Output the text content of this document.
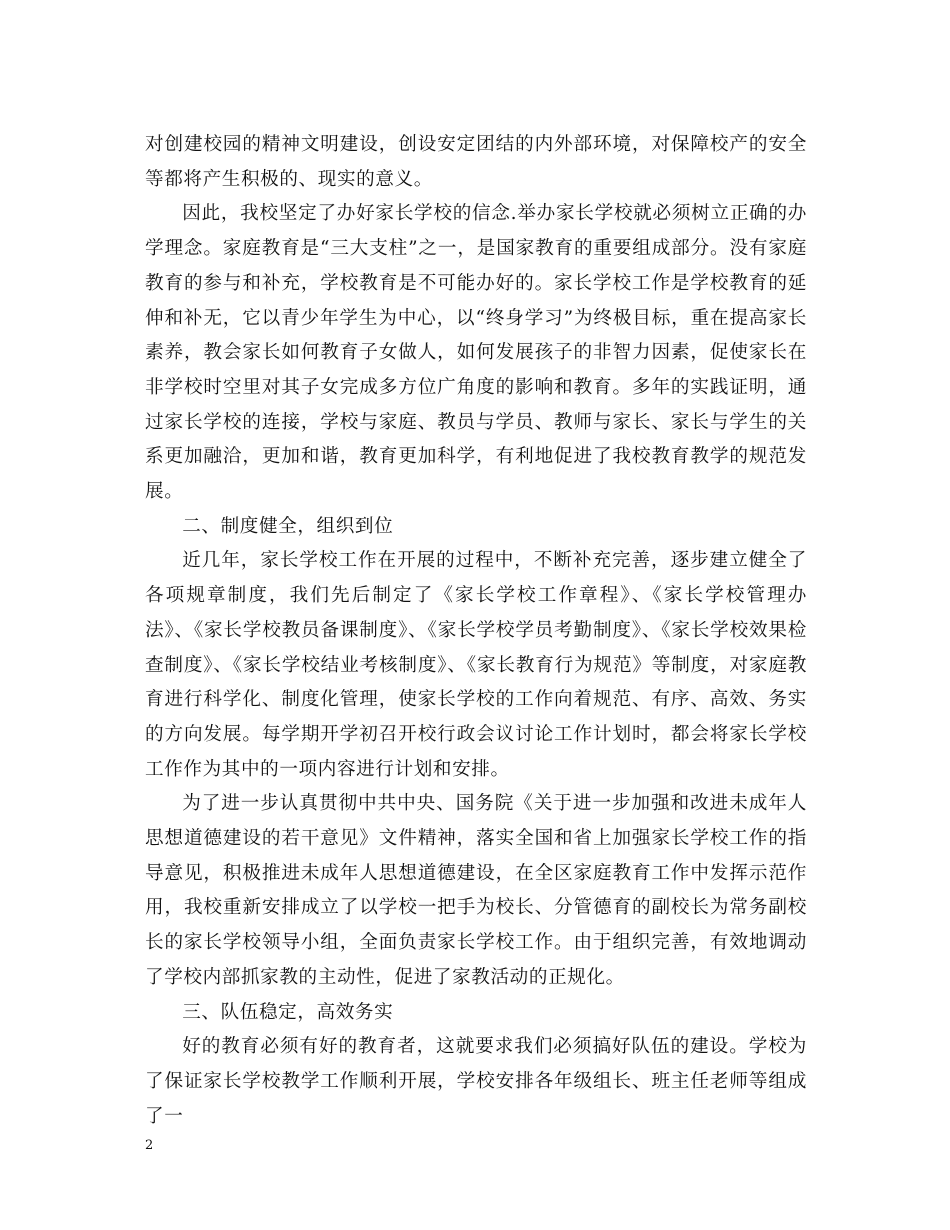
对创建校园的精神文明建设，创设安定团结的内外部环境，对保障校产的安全等都将产生积极的、现实的意义。

因此，我校坚定了办好家长学校的信念.举办家长学校就必须树立正确的办学理念。家庭教育是“三大支柱”之一，是国家教育的重要组成部分。没有家庭教育的参与和补充，学校教育是不可能办好的。家长学校工作是学校教育的延伸和补无，它以青少年学生为中心，以“终身学习”为终极目标，重在提高家长素养，教会家长如何教育子女做人，如何发展孩子的非智力因素，促使家长在非学校时空里对其子女完成多方位广角度的影响和教育。多年的实践证明，通过家长学校的连接，学校与家庭、教员与学员、教师与家长、家长与学生的关系更加融洽，更加和谐，教育更加科学，有利地促进了我校教育教学的规范发展。

二、制度健全，组织到位

近几年，家长学校工作在开展的过程中，不断补充完善，逐步建立健全了各项规章制度，我们先后制定了《家长学校工作章程》、《家长学校管理办法》、《家长学校教员备课制度》、《家长学校学员考勤制度》、《家长学校效果检查制度》、《家长学校结业考核制度》、《家长教育行为规范》等制度，对家庭教育进行科学化、制度化管理，使家长学校的工作向着规范、有序、高效、务实的方向发展。每学期开学初召开校行政会议讨论工作计划时，都会将家长学校工作作为其中的一项内容进行计划和安排。

为了进一步认真贯彻中共中央、国务院《关于进一步加强和改进未成年人思想道德建设的若干意见》文件精神，落实全国和省上加强家长学校工作的指导意见，积极推进未成年人思想道德建设，在全区家庭教育工作中发挥示范作用，我校重新安排成立了以学校一把手为校长、分管德育的副校长为常务副校长的家长学校领导小组，全面负责家长学校工作。由于组织完善，有效地调动了学校内部抓家教的主动性，促进了家教活动的正规化。

三、队伍稳定，高效务实

好的教育必须有好的教育者，这就要求我们必须搞好队伍的建设。学校为了保证家长学校教学工作顺利开展，学校安排各年级组长、班主任老师等组成了一

2
